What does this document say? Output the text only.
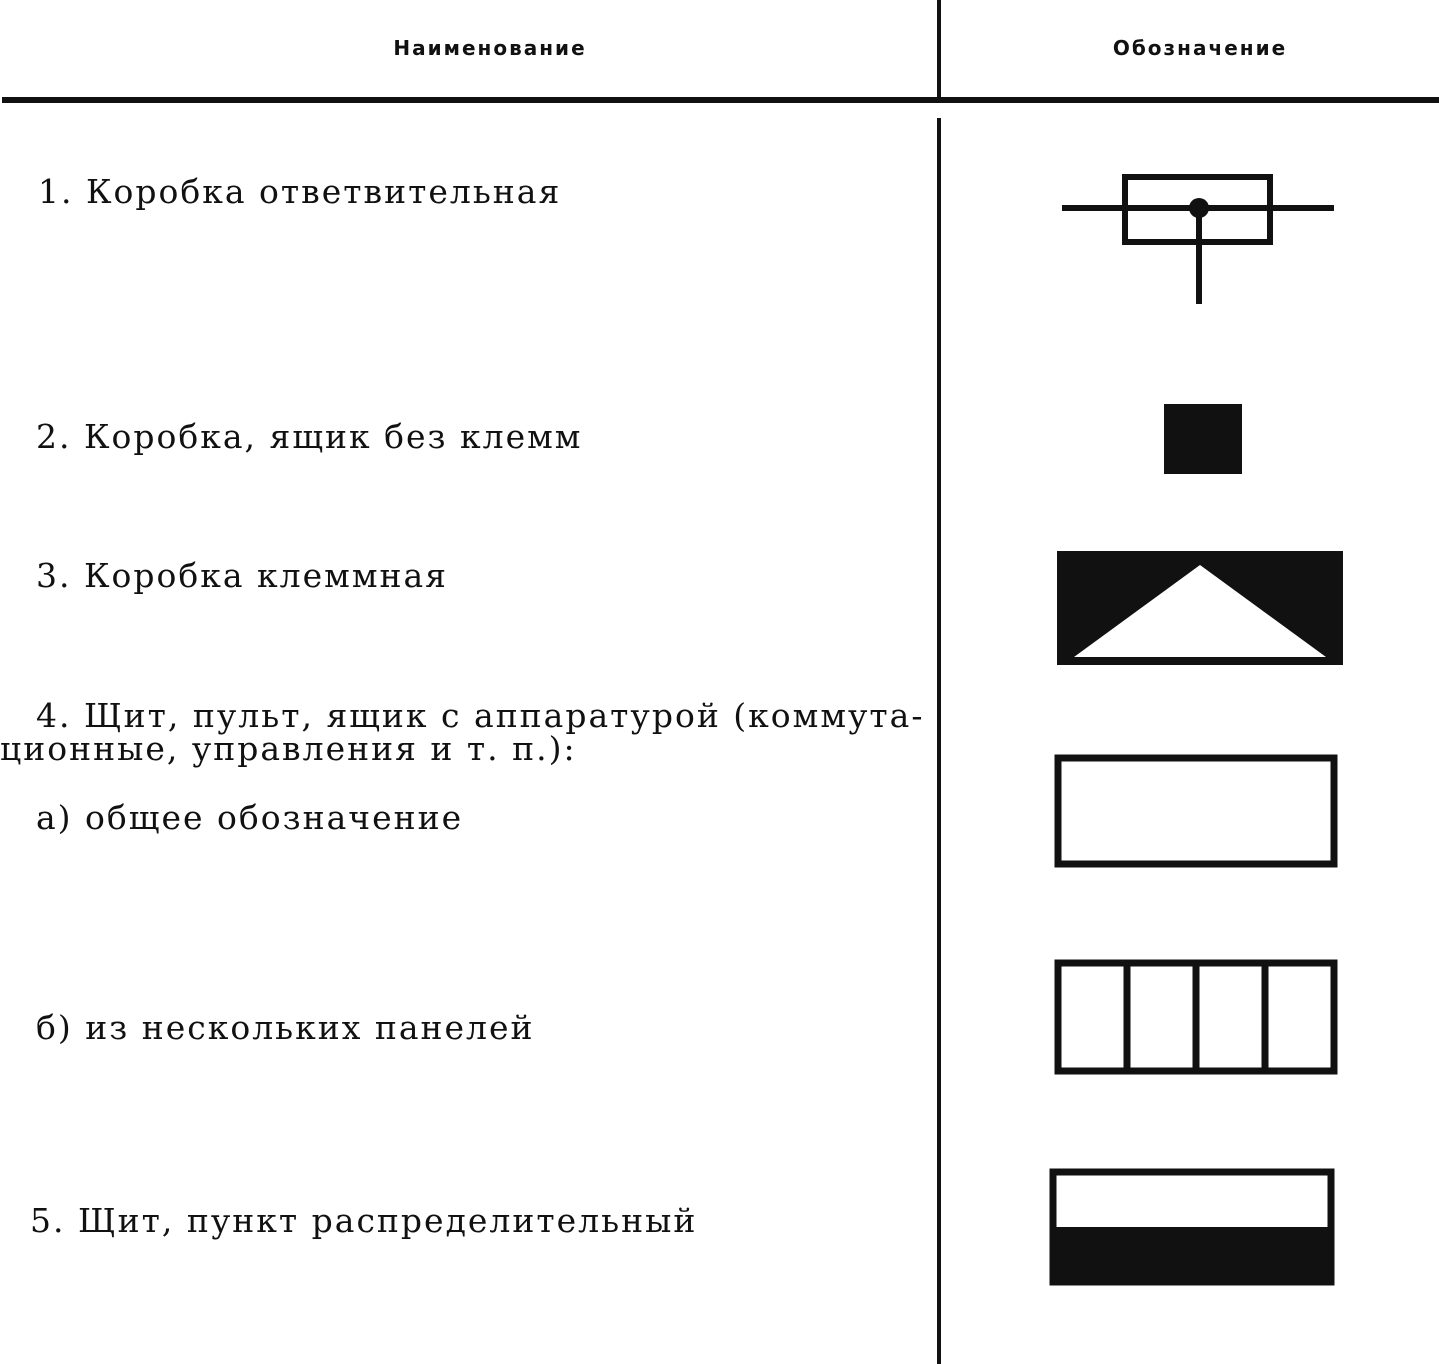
Наименование	Обозначение
1. Коробка ответвительная
2. Коробка, ящик без клемм
3. Коробка клеммная
4. Щит, пульт, ящик с аппаратурой (коммута-
ционные, управления и т. п.):
а) общее обозначение
б) из нескольких панелей
5. Щит, пункт распределительный
